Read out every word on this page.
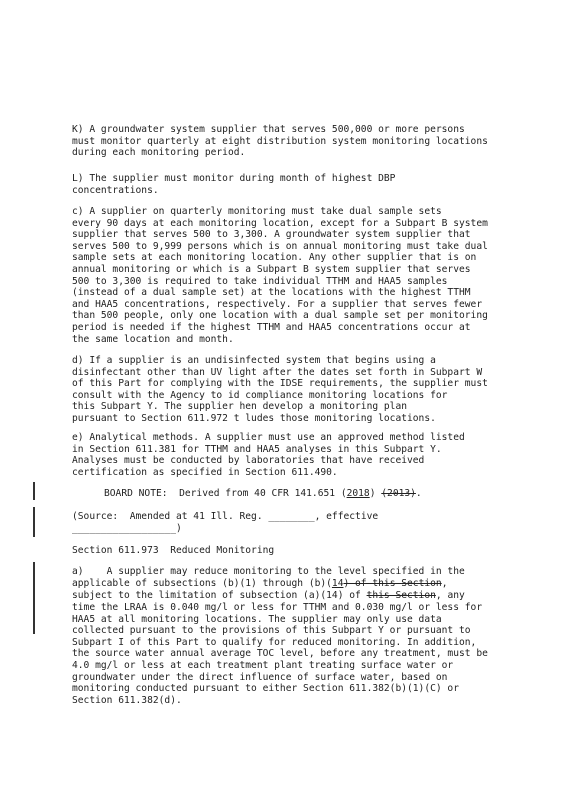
K) A groundwater system supplier that serves 500,000 or more persons
must monitor quarterly at eight distribution system monitoring locations
during each monitoring period.
L) The supplier must monitor during month of highest DBP
concentrations.
c) A supplier on quarterly monitoring must take dual sample sets
every 90 days at each monitoring location, except for a Subpart B system
supplier that serves 500 to 3,300. A groundwater system supplier that
serves 500 to 9,999 persons which is on annual monitoring must take dual
sample sets at each monitoring location. Any other supplier that is on
annual monitoring or which is a Subpart B system supplier that serves
500 to 3,300 is required to take individual TTHM and HAA5 samples
(instead of a dual sample set) at the locations with the highest TTHM
and HAA5 concentrations, respectively. For a supplier that serves fewer
than 500 people, only one location with a dual sample set per monitoring
period is needed if the highest TTHM and HAA5 concentrations occur at
the same location and month.
d) If a supplier is an undisinfected system that begins using a
disinfectant other than UV light after the dates set forth in Subpart W
of this Part for complying with the IDSE requirements, the supplier must
consult with the Agency to id compliance monitoring locations for
this Subpart Y. The supplier hen develop a monitoring plan
pursuant to Section 611.972 t ludes those monitoring locations.
e) Analytical methods. A supplier must use an approved method listed
in Section 611.381 for TTHM and HAA5 analyses in this Subpart Y.
Analyses must be conducted by laboratories that have received
certification as specified in Section 611.490.
BOARD NOTE:  Derived from 40 CFR 141.651 (2018) (2013).
(Source:  Amended at 41 Ill. Reg. ________, effective
__________________)
Section 611.973  Reduced Monitoring
a)    A supplier may reduce monitoring to the level specified in the
applicable of subsections (b)(1) through (b)(14) of this Section,
subject to the limitation of subsection (a)(14) of this Section, any
time the LRAA is 0.040 mg/l or less for TTHM and 0.030 mg/l or less for
HAA5 at all monitoring locations. The supplier may only use data
collected pursuant to the provisions of this Subpart Y or pursuant to
Subpart I of this Part to qualify for reduced monitoring. In addition,
the source water annual average TOC level, before any treatment, must be
4.0 mg/l or less at each treatment plant treating surface water or
groundwater under the direct influence of surface water, based on
monitoring conducted pursuant to either Section 611.382(b)(1)(C) or
Section 611.382(d).
